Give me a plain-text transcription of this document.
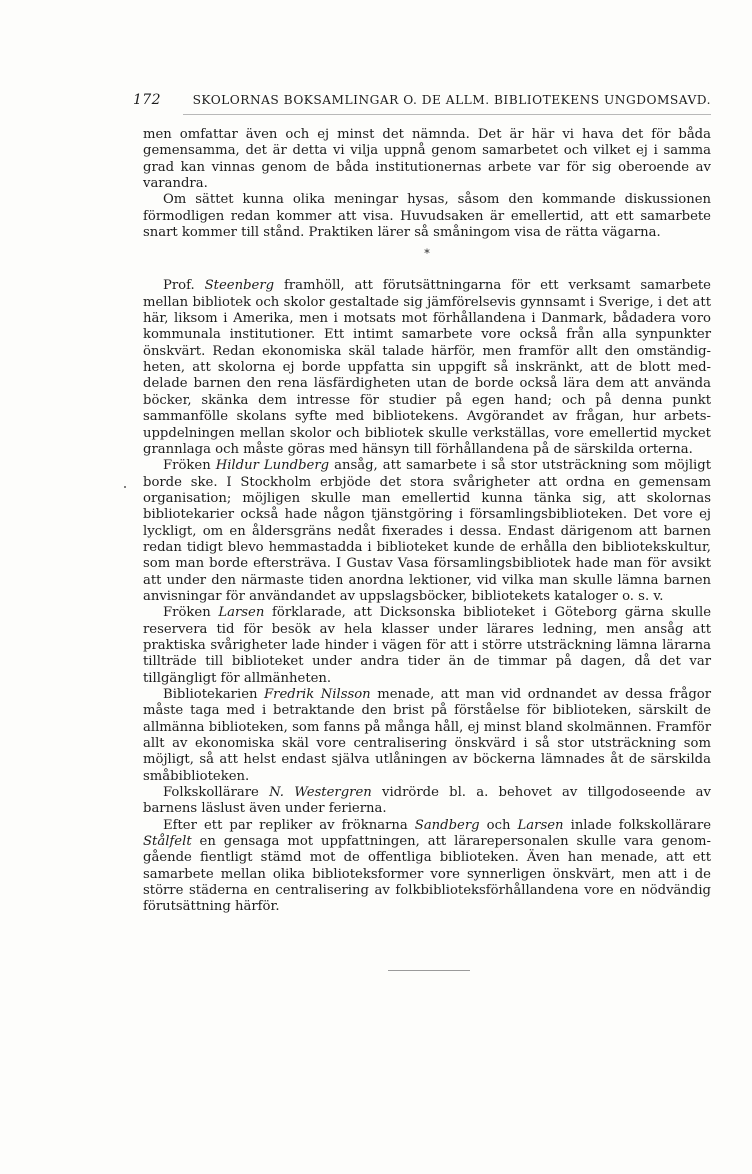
172	SKOLORNAS BOKSAMLINGAR O. DE ALLM. BIBLIOTEKENS UNGDOMSAVD.

men omfattar även och ej minst det nämnda. Det är här vi hava det för båda gemensamma, det är detta vi vilja uppnå genom samarbetet och vilket ej i samma grad kan vinnas genom de båda institutionernas arbete var för sig oberoende av varandra.

Om sättet kunna olika meningar hysas, såsom den kommande diskussionen förmodligen redan kommer att visa. Huvudsaken är emellertid, att ett samarbete snart kommer till stånd. Praktiken lärer så småningom visa de rätta vägarna.

*

Prof. Steenberg framhöll, att förutsättningarna för ett verksamt samarbete mellan bibliotek och skolor gestaltade sig jämförelsevis gynnsamt i Sverige, i det att här, liksom i Amerika, men i motsats mot förhållandena i Danmark, bådadera voro kommunala institutioner. Ett intimt samarbete vore också från alla synpunkter önskvärt. Redan ekonomiska skäl talade härför, men framför allt den omständigheten, att skolorna ej borde uppfatta sin uppgift så inskränkt, att de blott meddelade barnen den rena läsfärdigheten utan de borde också lära dem att använda böcker, skänka dem intresse för studier på egen hand; och på denna punkt sammanfölle skolans syfte med bibliotekens. Avgörandet av frågan, hur arbetsuppdelningen mellan skolor och bibliotek skulle verkställas, vore emellertid mycket grannlaga och måste göras med hänsyn till förhållandena på de särskilda orterna.

Fröken Hildur Lundberg ansåg, att samarbete i så stor utsträckning som möjligt borde ske. I Stockholm erbjöde det stora svårigheter att ordna en gemensam organisation; möjligen skulle man emellertid kunna tänka sig, att skolornas bibliotekarier också hade någon tjänstgöring i församlingsbiblioteken. Det vore ej lyckligt, om en åldersgräns nedåt fixerades i dessa. Endast därigenom att barnen redan tidigt blevo hemmastadda i biblioteket kunde de erhålla den bibliotekskultur, som man borde eftersträva. I Gustav Vasa församlingsbibliotek hade man för avsikt att under den närmaste tiden anordna lektioner, vid vilka man skulle lämna barnen anvisningar för användandet av uppslagsböcker, bibliotekets kataloger o. s. v.

Fröken Larsen förklarade, att Dicksonska biblioteket i Göteborg gärna skulle reservera tid för besök av hela klasser under lärares ledning, men ansåg att praktiska svårigheter lade hinder i vägen för att i större utsträckning lämna lärarna tillträde till biblioteket under andra tider än de timmar på dagen, då det var tillgängligt för allmänheten.

Bibliotekarien Fredrik Nilsson menade, att man vid ordnandet av dessa frågor måste taga med i betraktande den brist på förståelse för biblioteken, särskilt de allmänna biblioteken, som fanns på många håll, ej minst bland skolmännen. Framför allt av ekonomiska skäl vore centralisering önskvärd i så stor utsträckning som möjligt, så att helst endast själva utlåningen av böckerna lämnades åt de särskilda småbiblioteken.

Folkskollärare N. Westergren vidrörde bl. a. behovet av tillgodoseende av barnens läslust även under ferierna.

Efter ett par repliker av fröknarna Sandberg och Larsen inlade folkskollärare Stålfelt en gensaga mot uppfattningen, att lärarepersonalen skulle vara genomgående fientligt stämd mot de offentliga biblioteken. Även han menade, att ett samarbete mellan olika biblioteksformer vore synnerligen önskvärt, men att i de större städerna en centralisering av folkbiblioteksförhållandena vore en nödvändig förutsättning härför.
